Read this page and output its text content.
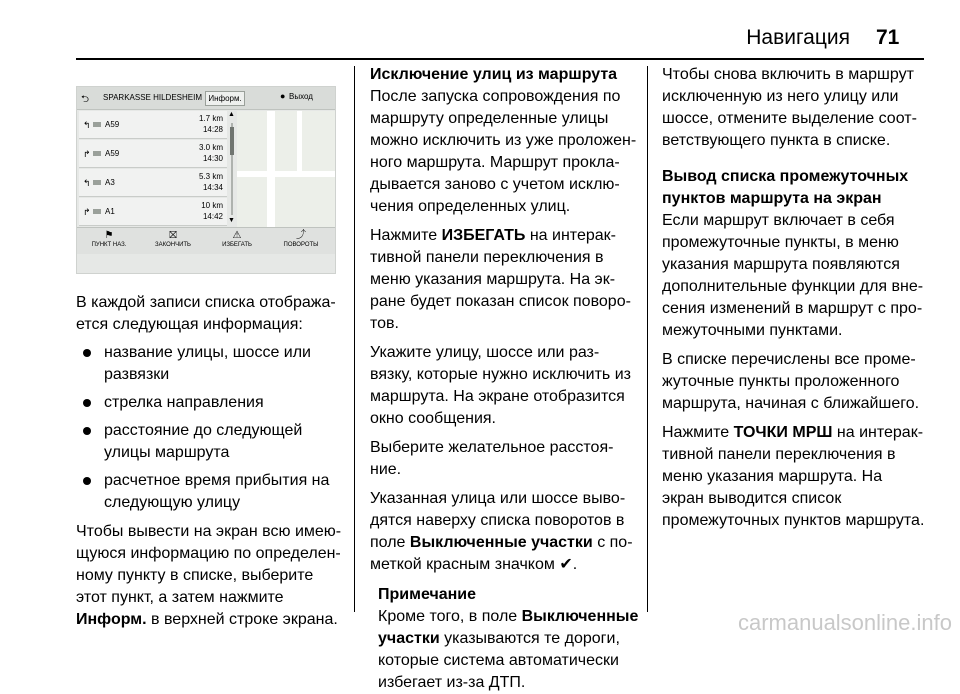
Навигация 71
⮌ SPARKASSE HILDESHEIM Информ.	● Выход
↰ A59
1.7 km
14:28
↱ A59
3.0 km
14:30
↰ A3
5.3 km
14:34
↱ A1
10 km
14:42
▲
▼
⚑
ПУНКТ НАЗ.
⛝
ЗАКОНЧИТЬ
⚠
ИЗБЕГАТЬ
⤴
ПОВОРОТЫ

В каждой записи списка отобража‐ ется следующая информация:

название улицы, шоссе или развязки
стрелка направления
расстояние до следующей улицы маршрута
расчетное время прибытия на следующую улицу

Чтобы вывести на экран всю имею‐ щуюся информацию по определен‐ ному пункту в списке, выберите этот пункт, а затем нажмите
Информ. в верхней строке экрана.

Исключение улиц из маршрута

После запуска сопровождения по маршруту определенные улицы можно исключить из уже проложен‐ ного маршрута. Маршрут прокла‐ дывается заново с учетом исклю‐ чения определенных улиц.

Нажмите ИЗБЕГАТЬ на интерак‐ тивной панели переключения в меню указания маршрута. На эк‐ ране будет показан список поворо‐ тов.

Укажите улицу, шоссе или раз‐ вязку, которые нужно исключить из маршрута. На экране отобразится окно сообщения.

Выберите желательное расстоя‐ ние.

Указанная улица или шоссе выво‐ дятся наверху списка поворотов в поле Выключенные участки с по‐ меткой красным значком ✔.

Примечание

Кроме того, в поле Выключенные участки указываются те дороги, которые система автоматически избегает из-за ДТП.

Чтобы снова включить в маршрут исключенную из него улицу или шоссе, отмените выделение соот‐ ветствующего пункта в списке.

Вывод списка промежуточных пунктов маршрута на экран

Если маршрут включает в себя промежуточные пункты, в меню указания маршрута появляются дополнительные функции для вне‐ сения изменений в маршрут с про‐ межуточными пунктами.

В списке перечислены все проме‐ жуточные пункты проложенного маршрута, начиная с ближайшего.

Нажмите ТОЧКИ МРШ на интерак‐ тивной панели переключения в меню указания маршрута. На экран выводится список промежуточных пунктов маршрута.

carmanualsonline.info
